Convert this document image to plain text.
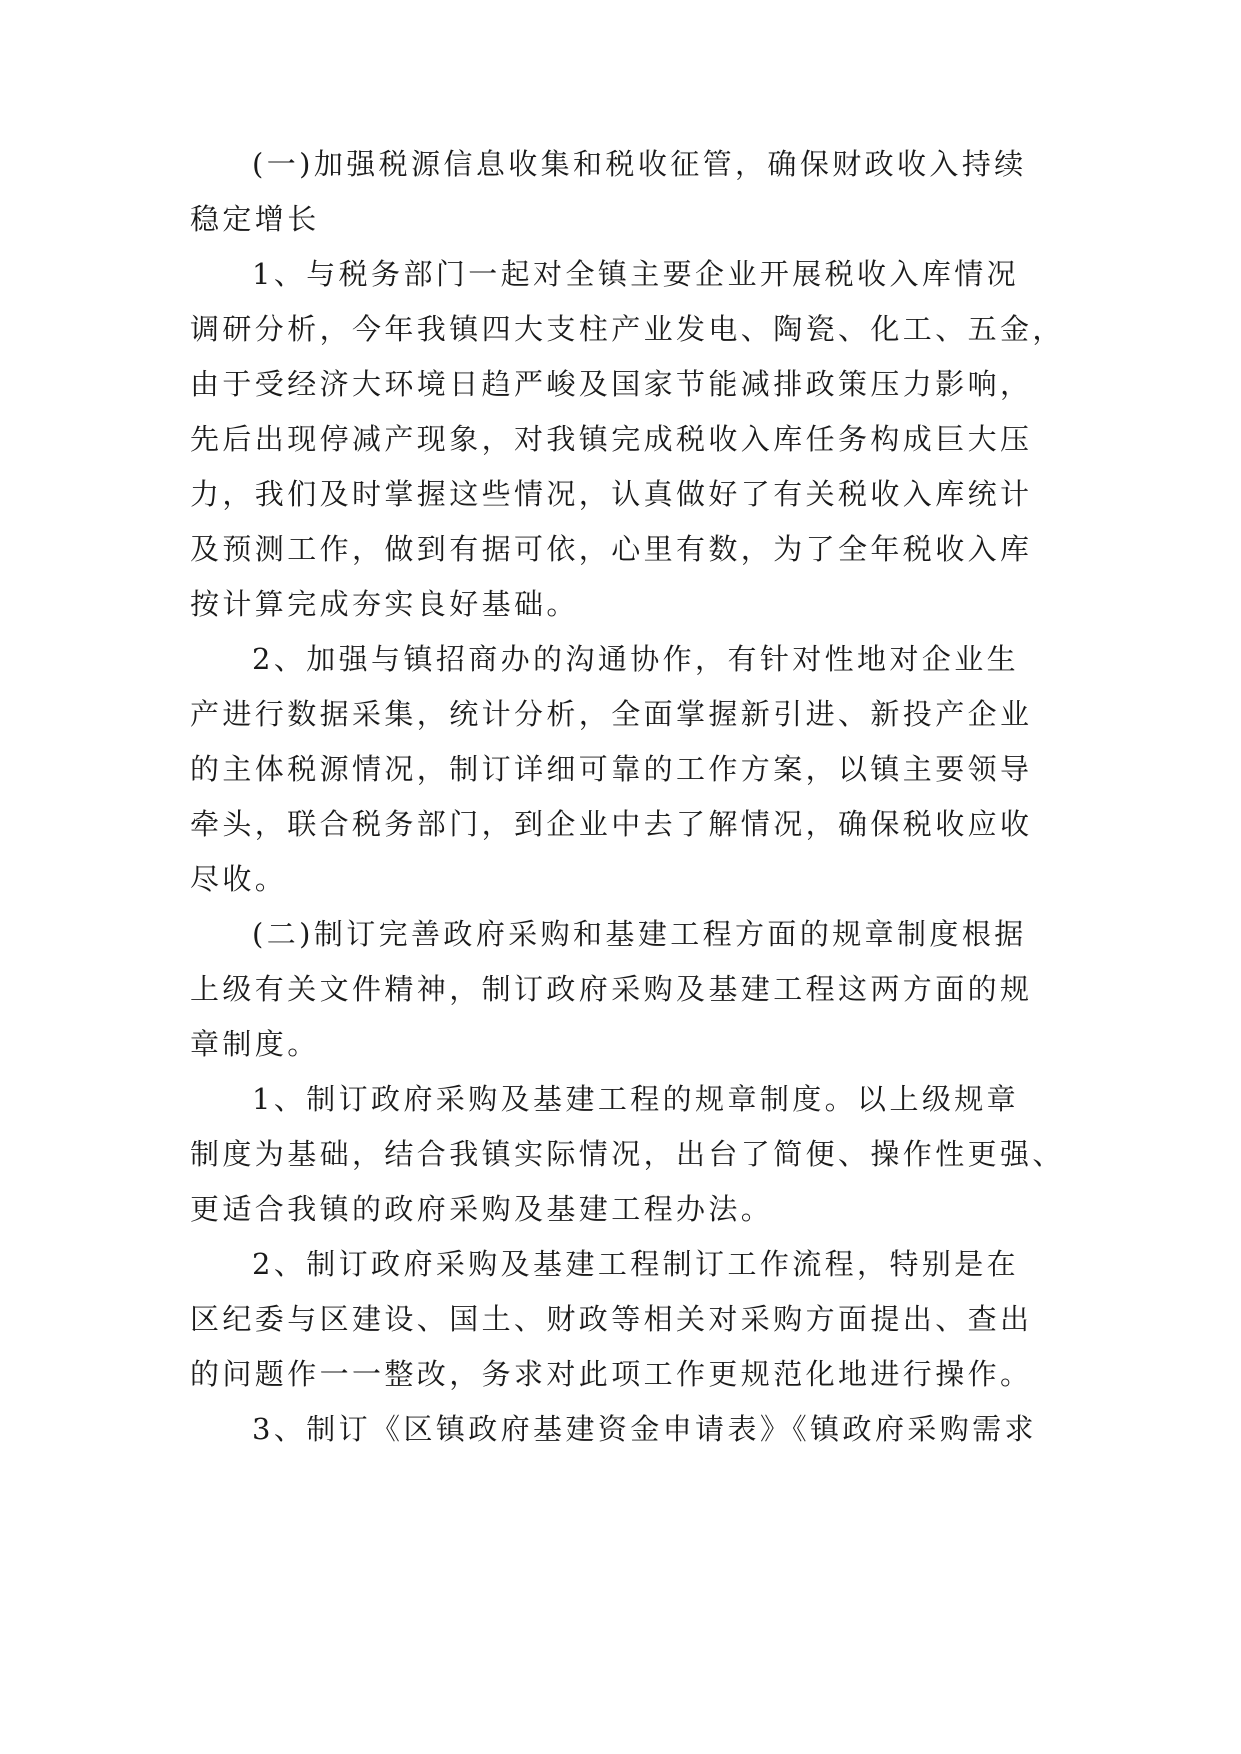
(一)加强税源信息收集和税收征管，确保财政收入持续
稳定增长
1、与税务部门一起对全镇主要企业开展税收入库情况
调研分析，今年我镇四大支柱产业发电、陶瓷、化工、五金，
由于受经济大环境日趋严峻及国家节能减排政策压力影响，
先后出现停减产现象，对我镇完成税收入库任务构成巨大压
力，我们及时掌握这些情况，认真做好了有关税收入库统计
及预测工作，做到有据可依，心里有数，为了全年税收入库
按计算完成夯实良好基础。
2、加强与镇招商办的沟通协作，有针对性地对企业生
产进行数据采集，统计分析，全面掌握新引进、新投产企业
的主体税源情况，制订详细可靠的工作方案，以镇主要领导
牵头，联合税务部门，到企业中去了解情况，确保税收应收
尽收。
(二)制订完善政府采购和基建工程方面的规章制度根据
上级有关文件精神，制订政府采购及基建工程这两方面的规
章制度。
1、制订政府采购及基建工程的规章制度。以上级规章
制度为基础，结合我镇实际情况，出台了简便、操作性更强、
更适合我镇的政府采购及基建工程办法。
2、制订政府采购及基建工程制订工作流程，特别是在
区纪委与区建设、国土、财政等相关对采购方面提出、查出
的问题作一一整改，务求对此项工作更规范化地进行操作。
3、制订《区镇政府基建资金申请表》《镇政府采购需求
